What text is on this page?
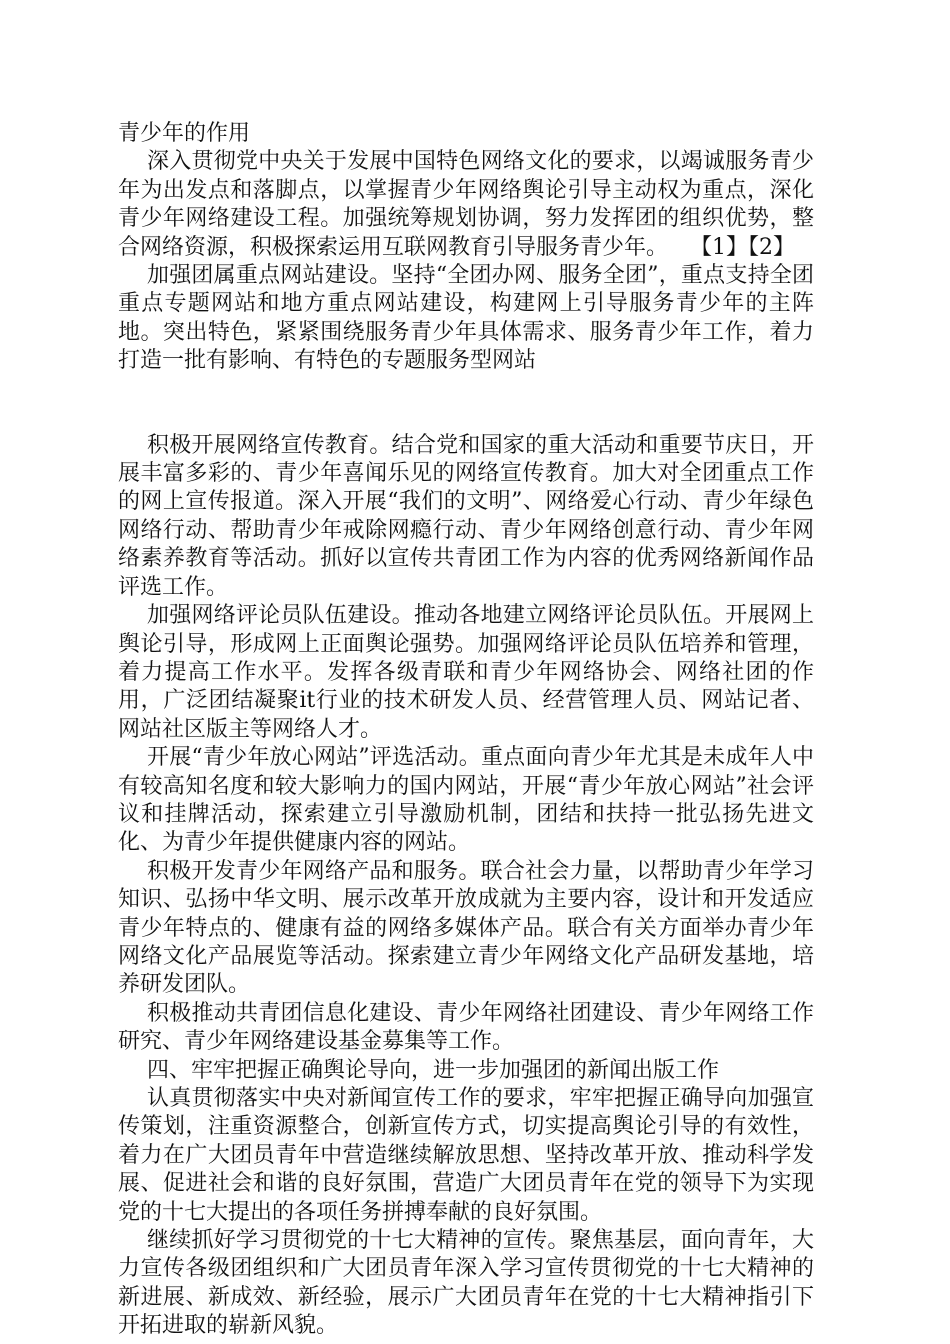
青少年的作用

深入贯彻党中央关于发展中国特色网络文化的要求，以竭诚服务青少年为出发点和落脚点，以掌握青少年网络舆论引导主动权为重点，深化青少年网络建设工程。加强统筹规划协调，努力发挥团的组织优势，整合网络资源，积极探索运用互联网教育引导服务青少年。　　【1】【2】

加强团属重点网站建设。坚持“全团办网、服务全团”，重点支持全团重点专题网站和地方重点网站建设，构建网上引导服务青少年的主阵地。突出特色，紧紧围绕服务青少年具体需求、服务青少年工作，着力打造一批有影响、有特色的专题服务型网站

积极开展网络宣传教育。结合党和国家的重大活动和重要节庆日，开展丰富多彩的、青少年喜闻乐见的网络宣传教育。加大对全团重点工作的网上宣传报道。深入开展“我们的文明”、网络爱心行动、青少年绿色网络行动、帮助青少年戒除网瘾行动、青少年网络创意行动、青少年网络素养教育等活动。抓好以宣传共青团工作为内容的优秀网络新闻作品评选工作。

加强网络评论员队伍建设。推动各地建立网络评论员队伍。开展网上舆论引导，形成网上正面舆论强势。加强网络评论员队伍培养和管理，着力提高工作水平。发挥各级青联和青少年网络协会、网络社团的作用，广泛团结凝聚it行业的技术研发人员、经营管理人员、网站记者、网站社区版主等网络人才。

开展“青少年放心网站”评选活动。重点面向青少年尤其是未成年人中有较高知名度和较大影响力的国内网站，开展“青少年放心网站”社会评议和挂牌活动，探索建立引导激励机制，团结和扶持一批弘扬先进文化、为青少年提供健康内容的网站。

积极开发青少年网络产品和服务。联合社会力量，以帮助青少年学习知识、弘扬中华文明、展示改革开放成就为主要内容，设计和开发适应青少年特点的、健康有益的网络多媒体产品。联合有关方面举办青少年网络文化产品展览等活动。探索建立青少年网络文化产品研发基地，培养研发团队。

积极推动共青团信息化建设、青少年网络社团建设、青少年网络工作研究、青少年网络建设基金募集等工作。

四、牢牢把握正确舆论导向，进一步加强团的新闻出版工作

认真贯彻落实中央对新闻宣传工作的要求，牢牢把握正确导向加强宣传策划，注重资源整合，创新宣传方式，切实提高舆论引导的有效性，着力在广大团员青年中营造继续解放思想、坚持改革开放、推动科学发展、促进社会和谐的良好氛围，营造广大团员青年在党的领导下为实现党的十七大提出的各项任务拼搏奉献的良好氛围。

继续抓好学习贯彻党的十七大精神的宣传。聚焦基层，面向青年，大力宣传各级团组织和广大团员青年深入学习宣传贯彻党的十七大精神的新进展、新成效、新经验，展示广大团员青年在党的十七大精神指引下开拓进取的崭新风貌。
